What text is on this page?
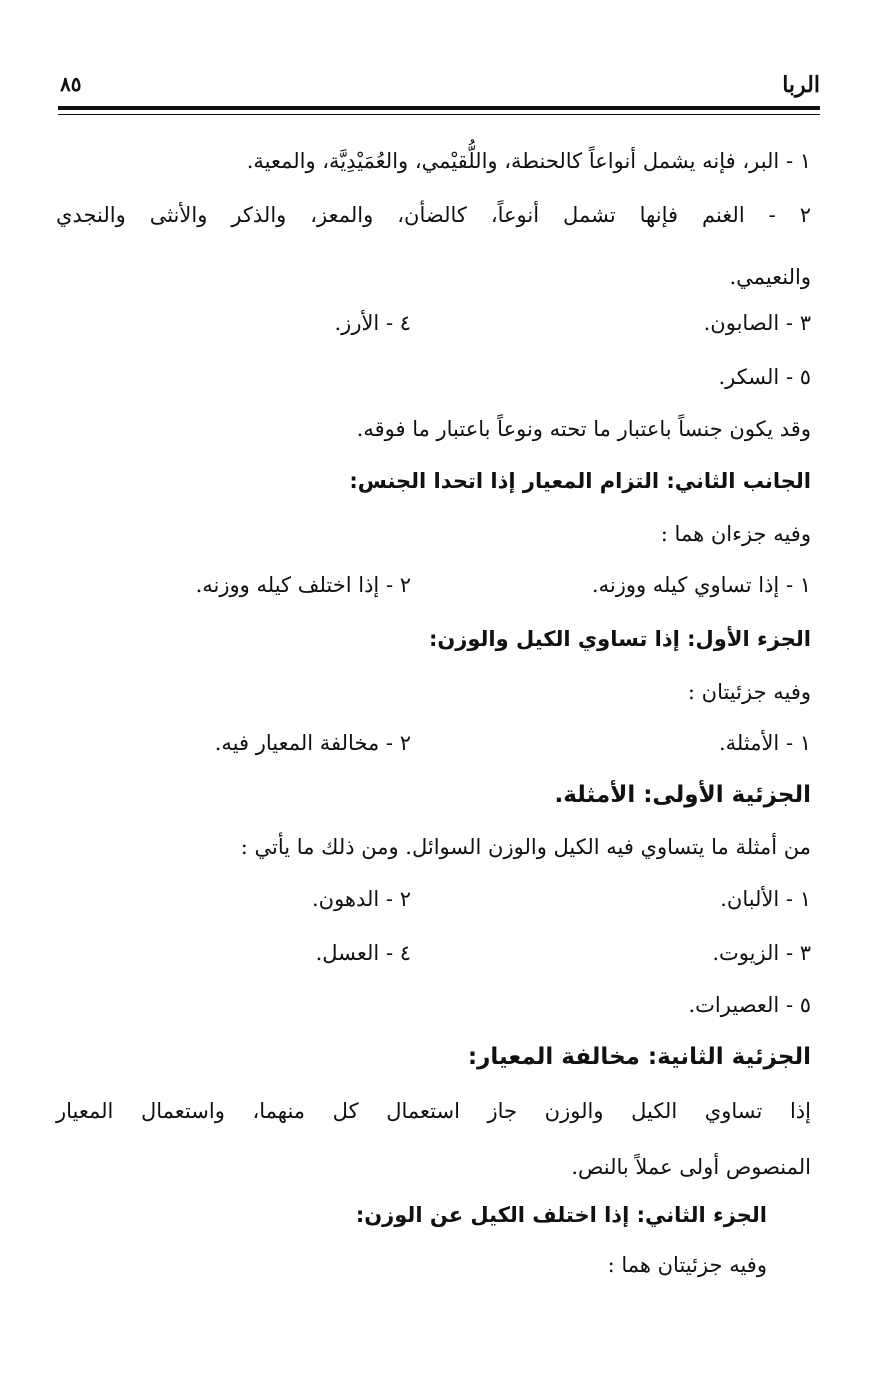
الربا
٨٥
١ - البر، فإنه يشمل أنواعاً كالحنطة، واللُّقيْمي، والعُمَيْدِيَّة، والمعية.
٢ - الغنم فإنها تشمل أنوعاً، كالضأن، والمعز، والذكر والأنثى والنجدي
والنعيمي.
٣ - الصابون.
٤ - الأرز.
٥ - السكر.
وقد يكون جنساً باعتبار ما تحته ونوعاً باعتبار ما فوقه.
الجانب الثاني: التزام المعيار إذا اتحدا الجنس:
وفيه جزءان هما :
١ - إذا تساوي كيله ووزنه.
٢ - إذا اختلف كيله ووزنه.
الجزء الأول: إذا تساوي الكيل والوزن:
وفيه جزئيتان :
١ - الأمثلة.
٢ - مخالفة المعيار فيه.
الجزئية الأولى: الأمثلة.
من أمثلة ما يتساوي فيه الكيل والوزن السوائل. ومن ذلك ما يأتي :
١ - الألبان.
٢ - الدهون.
٣ - الزيوت.
٤ - العسل.
٥ - العصيرات.
الجزئية الثانية: مخالفة المعيار:
إذا تساوي الكيل والوزن جاز استعمال كل منهما، واستعمال المعيار
المنصوص أولى عملاً بالنص.
الجزء الثاني: إذا اختلف الكيل عن الوزن:
وفيه جزئيتان هما :
